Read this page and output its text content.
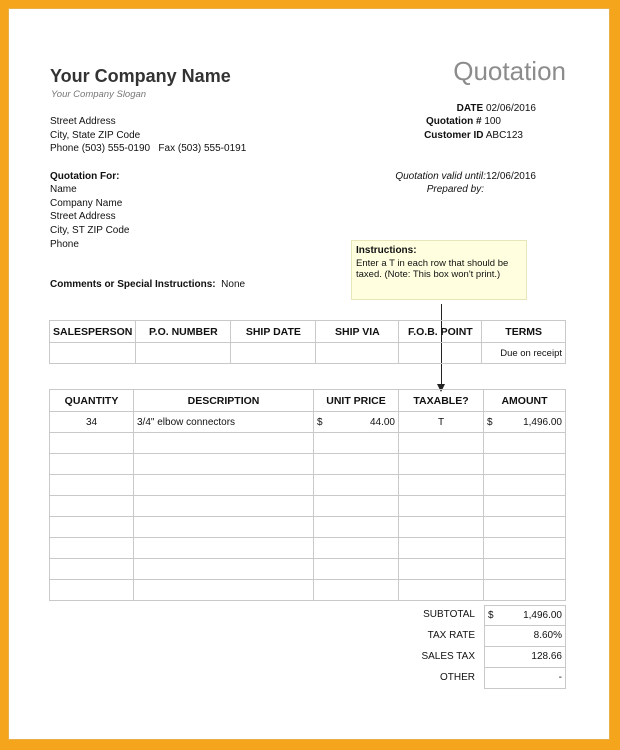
Your Company Name
Your Company Slogan
Quotation
Street Address
City, State ZIP Code
Phone (503) 555-0190 Fax (503) 555-0191
DATE 02/06/2016
Quotation # 100
Customer ID ABC123
Quotation valid until:12/06/2016
Prepared by:
Quotation For:
Name
Company Name
Street Address
City, ST ZIP Code
Phone
Comments or Special Instructions: None
Instructions:
Enter a T in each row that should be
taxed. (Note: This box won't print.)
SALESPERSON	P.O. NUMBER	SHIP DATE	SHIP VIA	F.O.B. POINT	TERMS
					Due on receipt
QUANTITY	DESCRIPTION	UNIT PRICE	TAXABLE?	AMOUNT
34	3/4" elbow connectors	$ 44.00	T	$ 1,496.00

SUBTOTAL $	1,496.00
TAX RATE	8.60%
SALES TAX	128.66
OTHER	-
